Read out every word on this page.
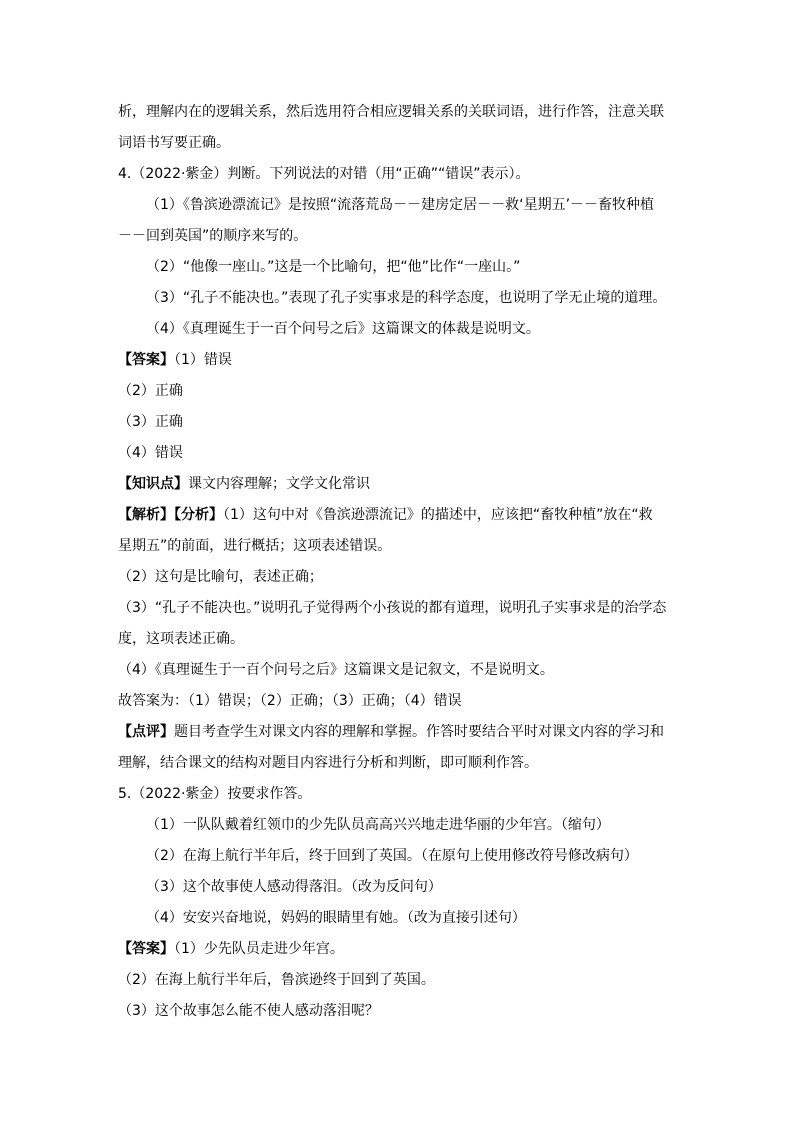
析，理解内在的逻辑关系，然后选用符合相应逻辑关系的关联词语，进行作答，注意关联
词语书写要正确。
4.（2022·紫金）判断。下列说法的对错（用“正确”“错误”表示）。
（1）《鲁滨逊漂流记》是按照“流落荒岛－－建房定居－－救‘星期五’－－畜牧种植
－－回到英国”的顺序来写的。
（2）“他像一座山。”这是一个比喻句，把“他”比作“一座山。”
（3）“孔子不能决也。”表现了孔子实事求是的科学态度，也说明了学无止境的道理。
（4）《真理诞生于一百个问号之后》这篇课文的体裁是说明文。
【答案】（1）错误
（2）正确
（3）正确
（4）错误
【知识点】课文内容理解；文学文化常识
【解析】【分析】（1）这句中对《鲁滨逊漂流记》的描述中，应该把“畜牧种植”放在“救
星期五”的前面，进行概括；这项表述错误。
（2）这句是比喻句，表述正确；
（3）“孔子不能决也。”说明孔子觉得两个小孩说的都有道理，说明孔子实事求是的治学态
度，这项表述正确。
（4）《真理诞生于一百个问号之后》这篇课文是记叙文，不是说明文。
故答案为：（1）错误；（2）正确；（3）正确；（4）错误
【点评】题目考查学生对课文内容的理解和掌握。作答时要结合平时对课文内容的学习和
理解，结合课文的结构对题目内容进行分析和判断，即可顺利作答。
5.（2022·紫金）按要求作答。
（1）一队队戴着红领巾的少先队员高高兴兴地走进华丽的少年宫。（缩句）
（2）在海上航行半年后，终于回到了英国。（在原句上使用修改符号修改病句）
（3）这个故事使人感动得落泪。（改为反问句）
（4）安安兴奋地说，妈妈的眼睛里有她。（改为直接引述句）
【答案】（1）少先队员走进少年宫。
（2）在海上航行半年后，鲁滨逊终于回到了英国。
（3）这个故事怎么能不使人感动落泪呢？
